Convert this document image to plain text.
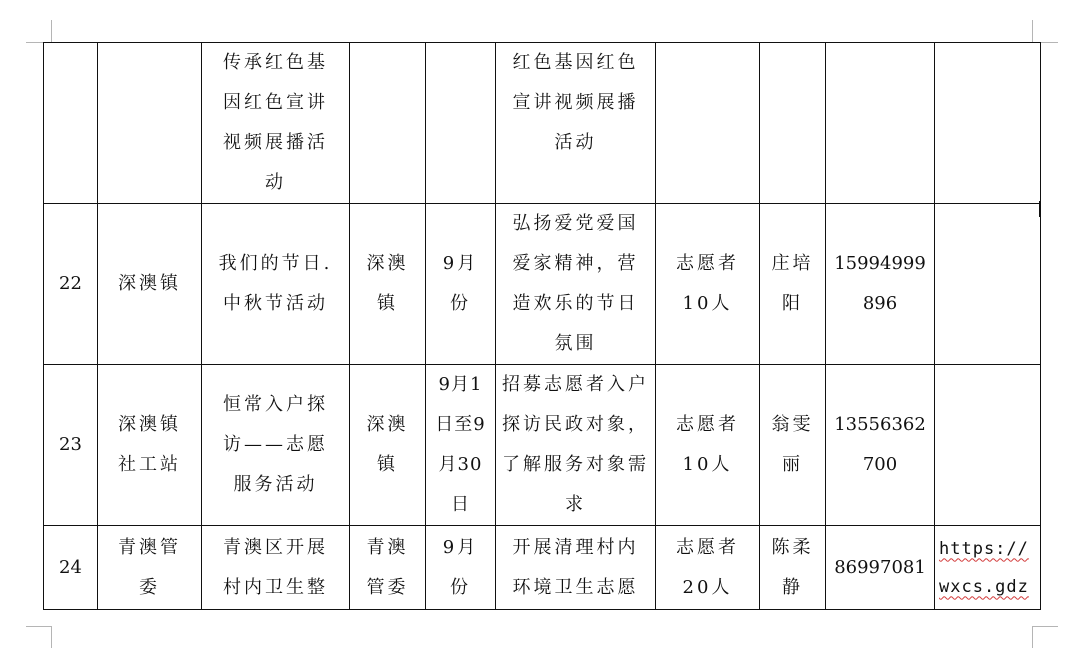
		传承红色基因红色宣讲视频展播活动			红色基因红色宣讲视频展播活动				
22	深澳镇	我们的节日.中秋节活动	深澳镇	9月份	弘扬爱党爱国爱家精神，营造欢乐的节日氛围	志愿者10人	庄培阳	15994999896	
23	深澳镇社工站	恒常入户探访——志愿服务活动	深澳镇	9月1日至9月30日	招募志愿者入户探访民政对象，了解服务对象需求	志愿者10人	翁雯丽	13556362700	
24	青澳管委	青澳区开展村内卫生整	青澳管委	9月份	开展清理村内环境卫生志愿	志愿者20人	陈柔静	86997081	https://wxcs.gdz
